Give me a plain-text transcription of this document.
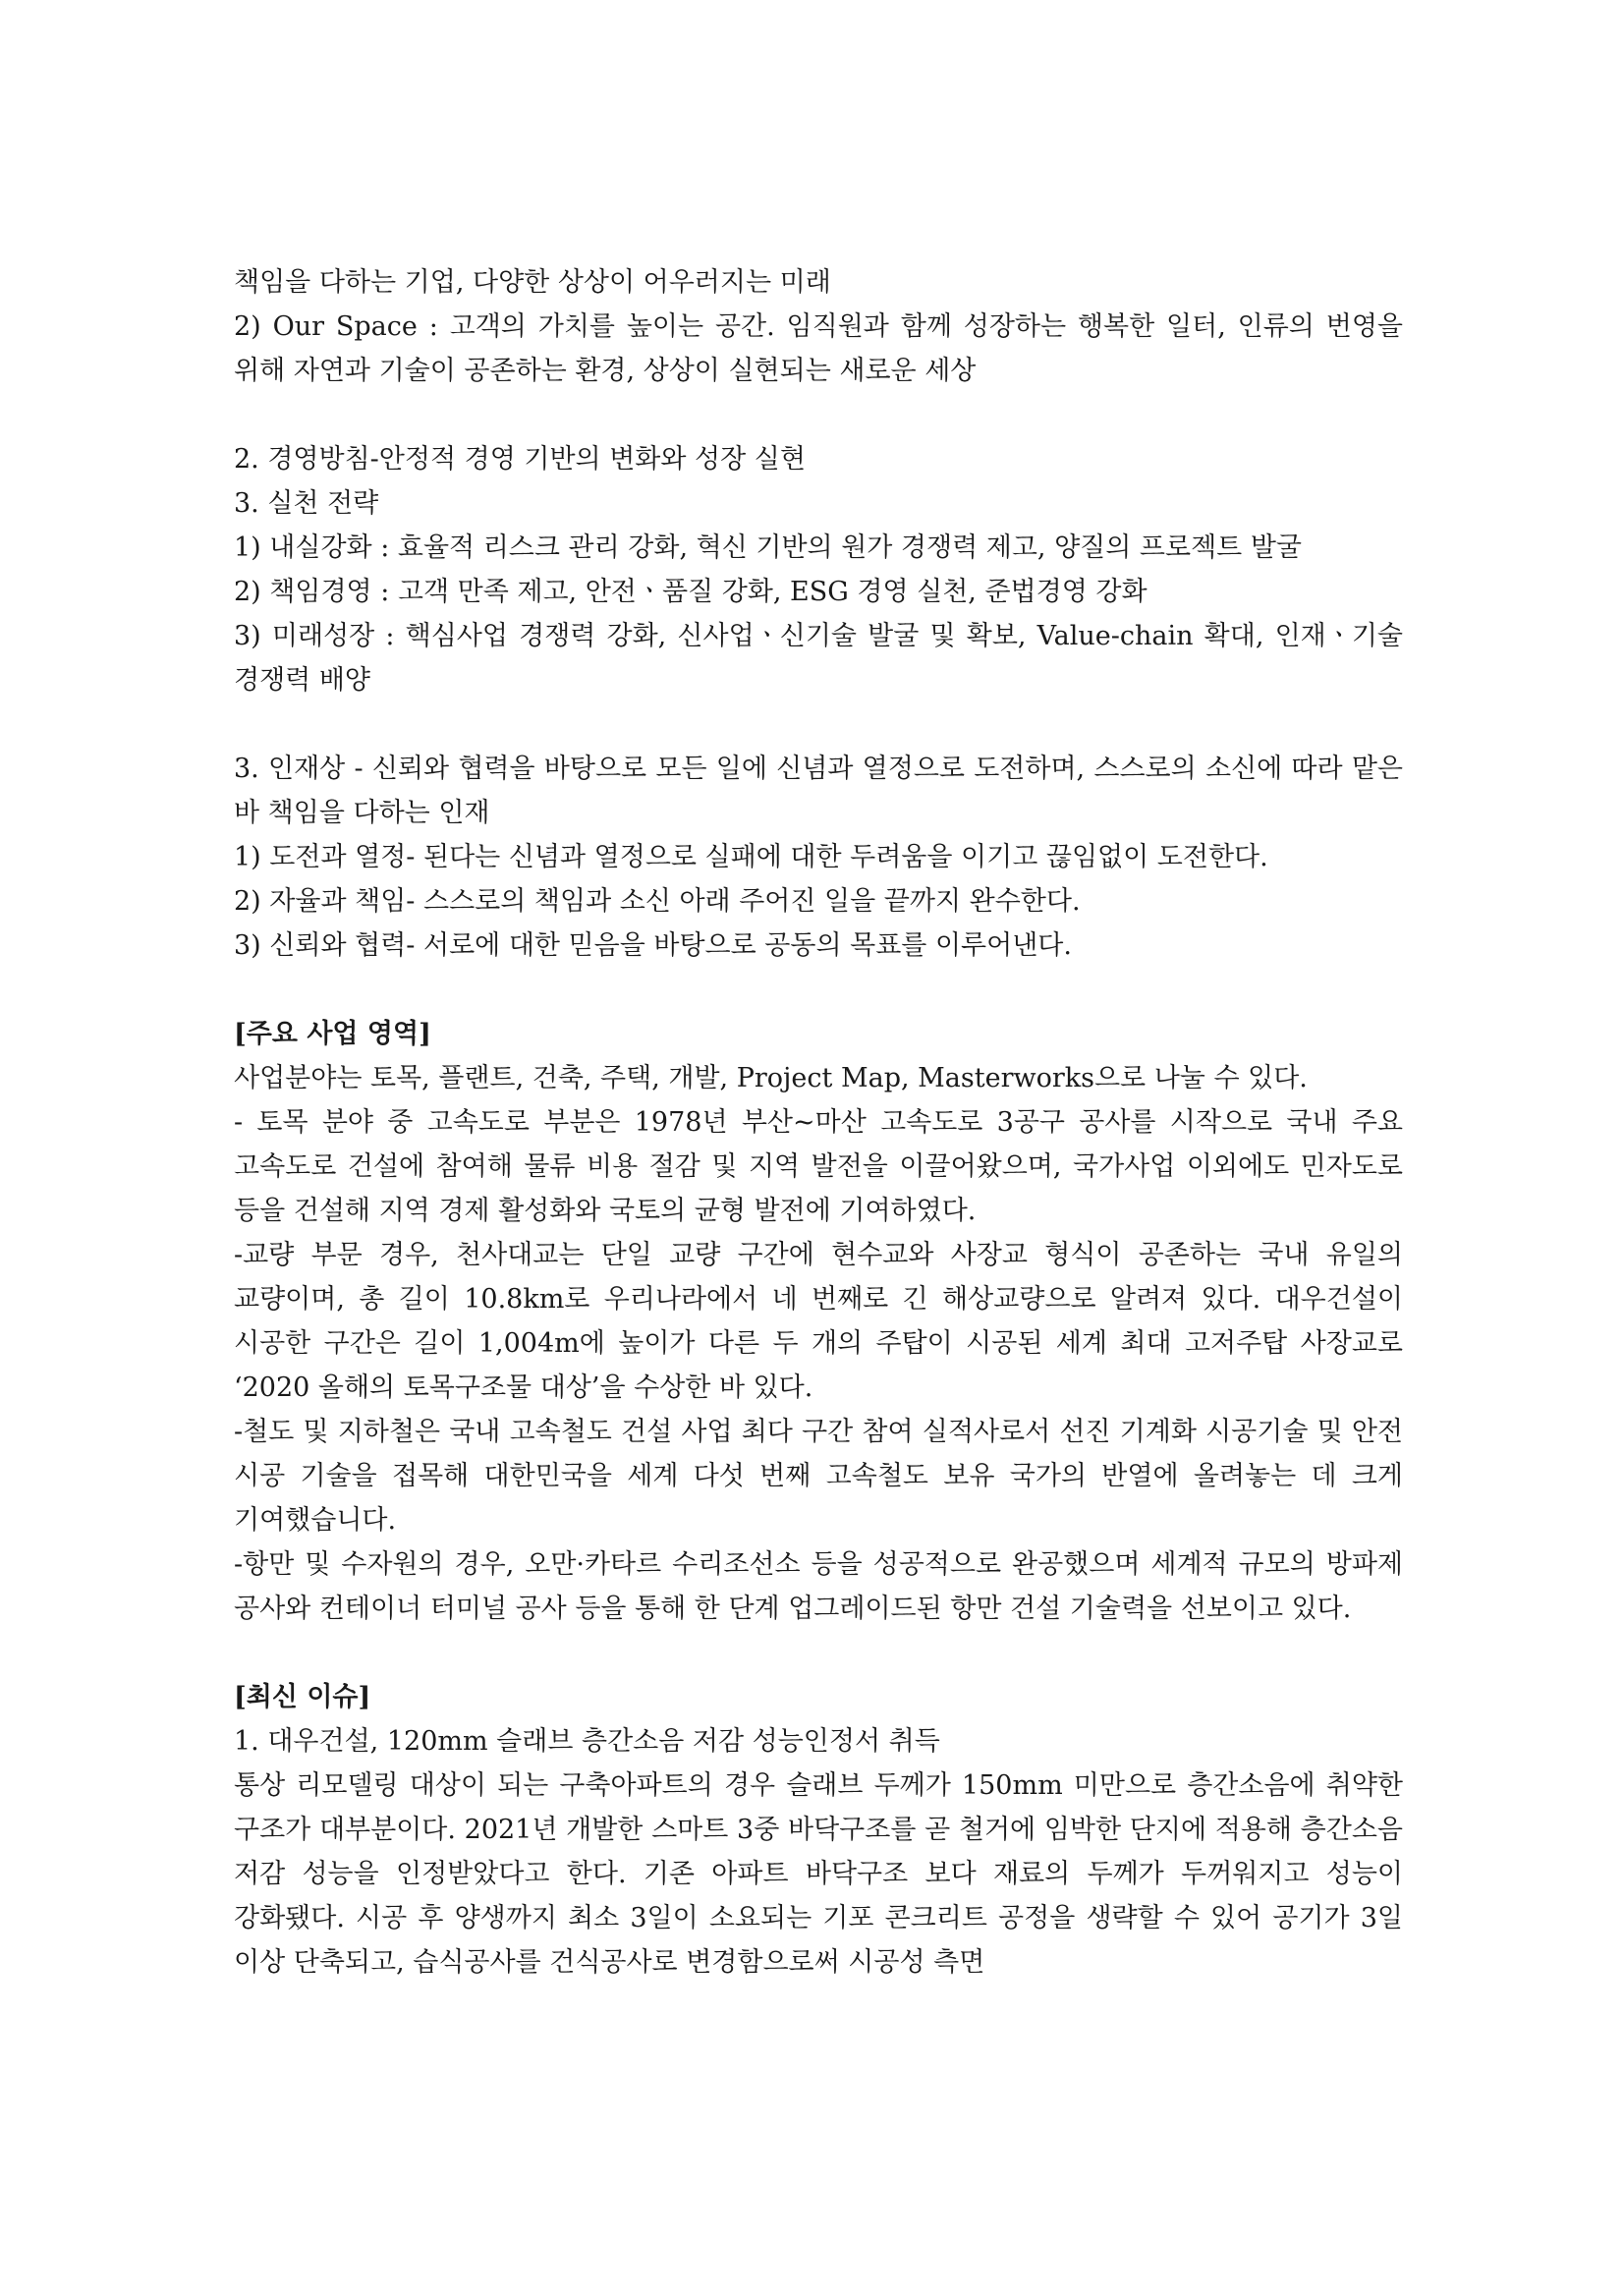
책임을 다하는 기업, 다양한 상상이 어우러지는 미래

2) Our Space : 고객의 가치를 높이는 공간. 임직원과 함께 성장하는 행복한 일터, 인류의 번영을 위해 자연과 기술이 공존하는 환경, 상상이 실현되는 새로운 세상

2. 경영방침-안정적 경영 기반의 변화와 성장 실현

3. 실천 전략

1) 내실강화 : 효율적 리스크 관리 강화, 혁신 기반의 원가 경쟁력 제고, 양질의 프로젝트 발굴

2) 책임경영 : 고객 만족 제고, 안전ㆍ품질 강화, ESG 경영 실천, 준법경영 강화

3) 미래성장 : 핵심사업 경쟁력 강화, 신사업ㆍ신기술 발굴 및 확보, Value-chain 확대, 인재ㆍ기술 경쟁력 배양

3. 인재상 - 신뢰와 협력을 바탕으로 모든 일에 신념과 열정으로 도전하며, 스스로의 소신에 따라 맡은 바 책임을 다하는 인재

1) 도전과 열정- 된다는 신념과 열정으로 실패에 대한 두려움을 이기고 끊임없이 도전한다.

2) 자율과 책임- 스스로의 책임과 소신 아래 주어진 일을 끝까지 완수한다.

3) 신뢰와 협력- 서로에 대한 믿음을 바탕으로 공동의 목표를 이루어낸다.

[주요 사업 영역]

사업분야는 토목, 플랜트, 건축, 주택, 개발, Project Map, Masterworks으로 나눌 수 있다.

- 토목 분야 중 고속도로 부분은 1978년 부산~마산 고속도로 3공구 공사를 시작으로 국내 주요 고속도로 건설에 참여해 물류 비용 절감 및 지역 발전을 이끌어왔으며, 국가사업 이외에도 민자도로 등을 건설해 지역 경제 활성화와 국토의 균형 발전에 기여하였다.

-교량 부문 경우, 천사대교는 단일 교량 구간에 현수교와 사장교 형식이 공존하는 국내 유일의 교량이며, 총 길이 10.8km로 우리나라에서 네 번째로 긴 해상교량으로 알려져 있다. 대우건설이 시공한 구간은 길이 1,004m에 높이가 다른 두 개의 주탑이 시공된 세계 최대 고저주탑 사장교로 ‘2020 올해의 토목구조물 대상’을 수상한 바 있다.

-철도 및 지하철은 국내 고속철도 건설 사업 최다 구간 참여 실적사로서 선진 기계화 시공기술 및 안전 시공 기술을 접목해 대한민국을 세계 다섯 번째 고속철도 보유 국가의 반열에 올려놓는 데 크게 기여했습니다.

-항만 및 수자원의 경우, 오만·카타르 수리조선소 등을 성공적으로 완공했으며 세계적 규모의 방파제 공사와 컨테이너 터미널 공사 등을 통해 한 단계 업그레이드된 항만 건설 기술력을 선보이고 있다.

[최신 이슈]

1. 대우건설, 120mm 슬래브 층간소음 저감 성능인정서 취득

통상 리모델링 대상이 되는 구축아파트의 경우 슬래브 두께가 150mm 미만으로 층간소음에 취약한 구조가 대부분이다. 2021년 개발한 스마트 3중 바닥구조를 곧 철거에 임박한 단지에 적용해 층간소음 저감 성능을 인정받았다고 한다. 기존 아파트 바닥구조 보다 재료의 두께가 두꺼워지고 성능이 강화됐다. 시공 후 양생까지 최소 3일이 소요되는 기포 콘크리트 공정을 생략할 수 있어 공기가 3일 이상 단축되고, 습식공사를 건식공사로 변경함으로써 시공성 측면
